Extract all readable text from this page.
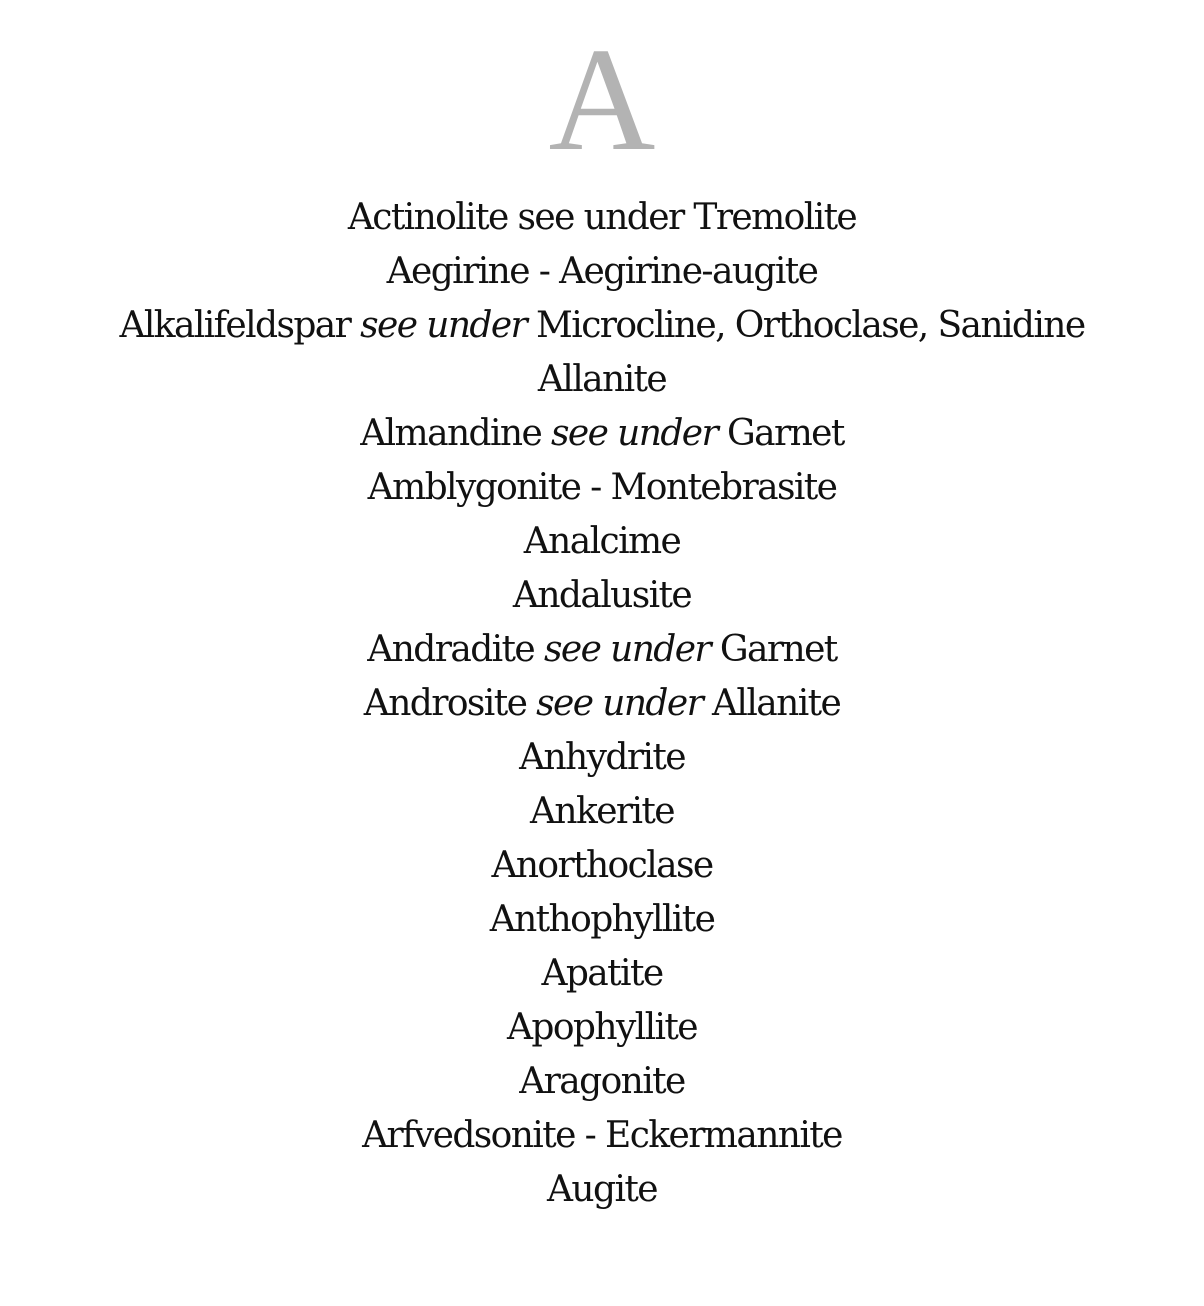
A
Actinolite see under Tremolite
Aegirine - Aegirine-augite
Alkalifeldspar see under Microcline, Orthoclase, Sanidine
Allanite
Almandine see under Garnet
Amblygonite - Montebrasite
Analcime
Andalusite
Andradite see under Garnet
Androsite see under Allanite
Anhydrite
Ankerite
Anorthoclase
Anthophyllite
Apatite
Apophyllite
Aragonite
Arfvedsonite - Eckermannite
Augite
